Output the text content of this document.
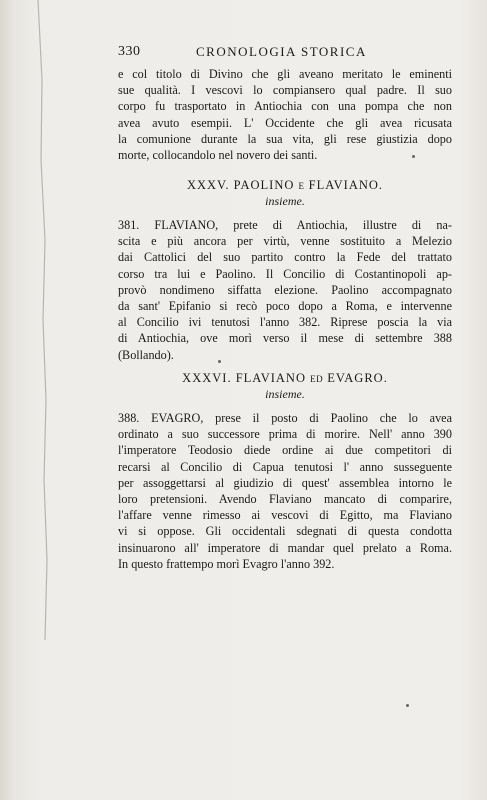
330	CRONOLOGIA STORICA
e col titolo di Divino che gli aveano meritato le eminenti
sue qualità. I vescovi lo compiansero qual padre. Il suo
corpo fu trasportato in Antiochia con una pompa che non
avea avuto esempii. L' Occidente che gli avea ricusata
la comunione durante la sua vita, gli rese giustizia dopo
morte, collocandolo nel novero dei santi.
XXXV. PAOLINO e FLAVIANO.
insieme.
381. FLAVIANO, prete di Antiochia, illustre di na-
scita e più ancora per virtù, venne sostituito a Melezio
dai Cattolici del suo partito contro la Fede del trattato
corso tra lui e Paolino. Il Concilio di Costantinopoli ap-
provò nondimeno siffatta elezione. Paolino accompagnato
da sant' Epifanio si recò poco dopo a Roma, e intervenne
al Concilio ivi tenutosi l'anno 382. Riprese poscia la via
di Antiochia, ove morì verso il mese di settembre 388
(Bollando).
XXXVI. FLAVIANO ed EVAGRO.
insieme.
388. EVAGRO, prese il posto di Paolino che lo avea
ordinato a suo successore prima di morire. Nell' anno 390
l'imperatore Teodosio diede ordine ai due competitori di
recarsi al Concilio di Capua tenutosi l' anno susseguente
per assoggettarsi al giudizio di quest' assemblea intorno le
loro pretensioni. Avendo Flaviano mancato di comparire,
l'affare venne rimesso ai vescovi di Egitto, ma Flaviano
vi si oppose. Gli occidentali sdegnati di questa condotta
insinuarono all' imperatore di mandar quel prelato a Roma.
In questo frattempo morì Evagro l'anno 392.
